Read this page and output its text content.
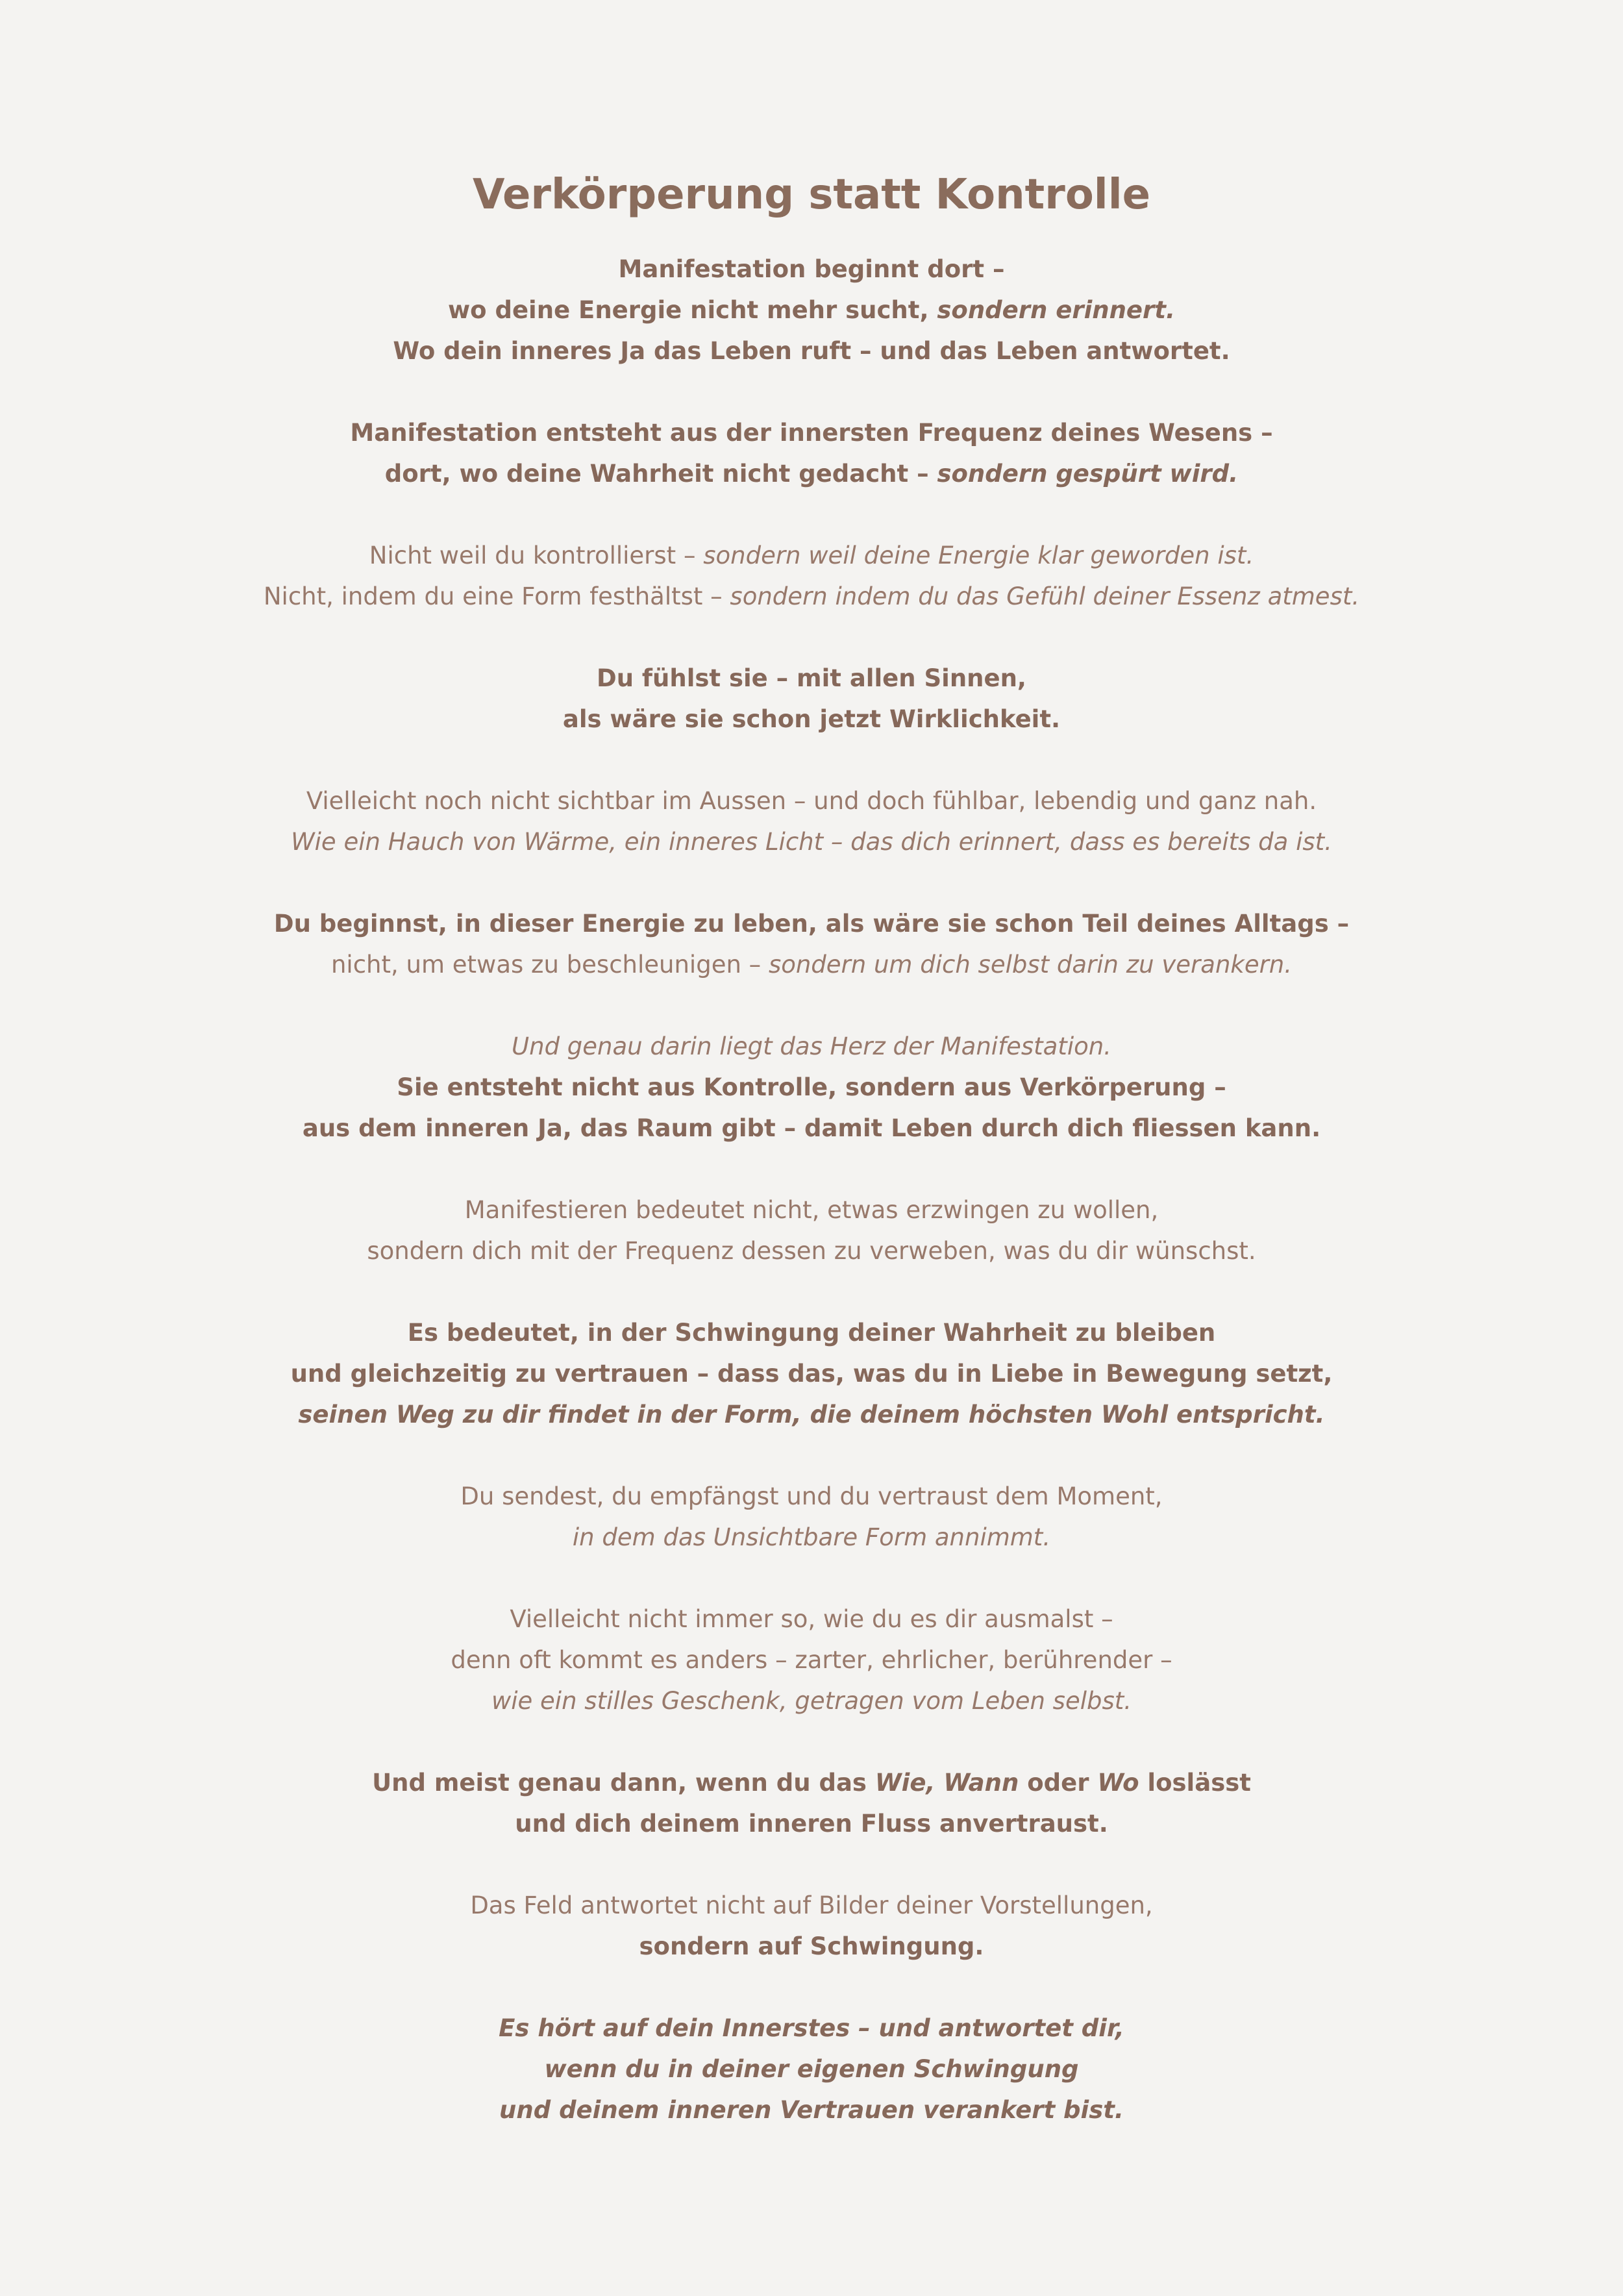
Verkörperung statt Kontrolle
Manifestation beginnt dort –
wo deine Energie nicht mehr sucht, sondern erinnert.
Wo dein inneres Ja das Leben ruft – und das Leben antwortet.
Manifestation entsteht aus der innersten Frequenz deines Wesens –
dort, wo deine Wahrheit nicht gedacht – sondern gespürt wird.
Nicht weil du kontrollierst – sondern weil deine Energie klar geworden ist.
Nicht, indem du eine Form festhältst – sondern indem du das Gefühl deiner Essenz atmest.
Du fühlst sie – mit allen Sinnen,
als wäre sie schon jetzt Wirklichkeit.
Vielleicht noch nicht sichtbar im Aussen – und doch fühlbar, lebendig und ganz nah.
Wie ein Hauch von Wärme, ein inneres Licht – das dich erinnert, dass es bereits da ist.
Du beginnst, in dieser Energie zu leben, als wäre sie schon Teil deines Alltags –
nicht, um etwas zu beschleunigen – sondern um dich selbst darin zu verankern.
Und genau darin liegt das Herz der Manifestation.
Sie entsteht nicht aus Kontrolle, sondern aus Verkörperung –
aus dem inneren Ja, das Raum gibt – damit Leben durch dich fliessen kann.
Manifestieren bedeutet nicht, etwas erzwingen zu wollen,
sondern dich mit der Frequenz dessen zu verweben, was du dir wünschst.
Es bedeutet, in der Schwingung deiner Wahrheit zu bleiben
und gleichzeitig zu vertrauen – dass das, was du in Liebe in Bewegung setzt,
seinen Weg zu dir findet in der Form, die deinem höchsten Wohl entspricht.
Du sendest, du empfängst und du vertraust dem Moment,
in dem das Unsichtbare Form annimmt.
Vielleicht nicht immer so, wie du es dir ausmalst –
denn oft kommt es anders – zarter, ehrlicher, berührender –
wie ein stilles Geschenk, getragen vom Leben selbst.
Und meist genau dann, wenn du das Wie, Wann oder Wo loslässt
und dich deinem inneren Fluss anvertraust.
Das Feld antwortet nicht auf Bilder deiner Vorstellungen,
sondern auf Schwingung.
Es hört auf dein Innerstes – und antwortet dir,
wenn du in deiner eigenen Schwingung
und deinem inneren Vertrauen verankert bist.
